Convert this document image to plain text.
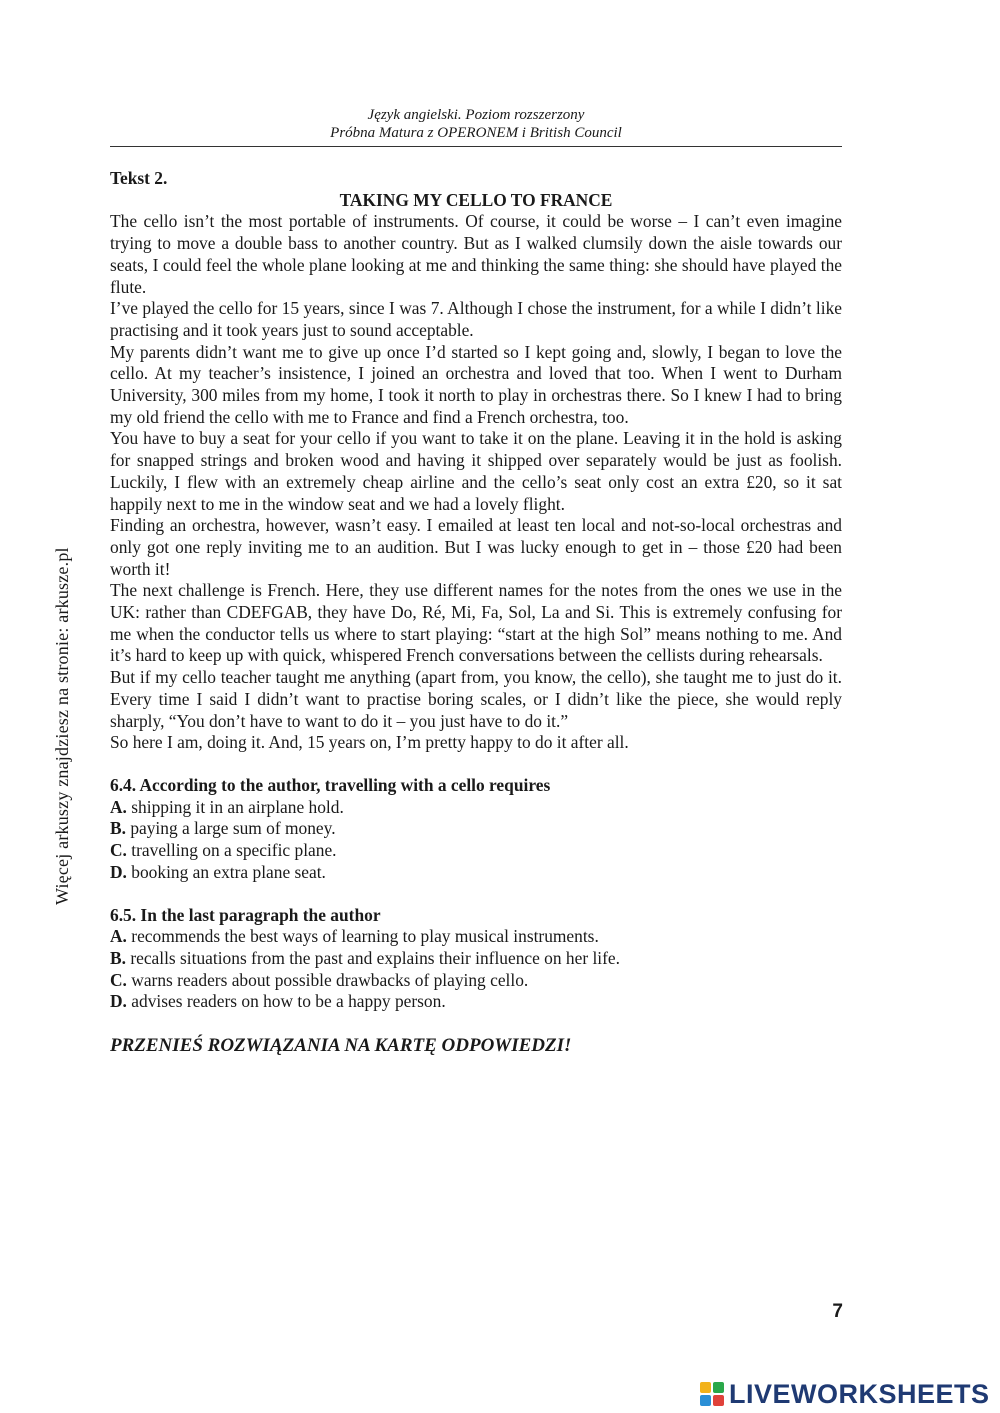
Język angielski. Poziom rozszerzony
Próbna Matura z OPERONEM i British Council
Więcej arkuszy znajdziesz na stronie: arkusze.pl

Tekst 2.

TAKING MY CELLO TO FRANCE

The cello isn’t the most portable of instruments. Of course, it could be worse – I can’t even imagine trying to move a double bass to another country. But as I walked clumsily down the aisle towards our seats, I could feel the whole plane looking at me and thinking the same thing: she should have played the flute.

I’ve played the cello for 15 years, since I was 7. Although I chose the instrument, for a while I didn’t like practising and it took years just to sound acceptable.

My parents didn’t want me to give up once I’d started so I kept going and, slowly, I began to love the cello. At my teacher’s insistence, I joined an orchestra and loved that too. When I went to Durham University, 300 miles from my home, I took it north to play in orchestras there. So I knew I had to bring my old friend the cello with me to France and find a French orchestra, too.

You have to buy a seat for your cello if you want to take it on the plane. Leaving it in the hold is asking for snapped strings and broken wood and having it shipped over separately would be just as foolish. Luckily, I flew with an extremely cheap airline and the cello’s seat only cost an extra £20, so it sat happily next to me in the window seat and we had a lovely flight.

Finding an orchestra, however, wasn’t easy. I emailed at least ten local and not-so-local orchestras and only got one reply inviting me to an audition. But I was lucky enough to get in – those £20 had been worth it!

The next challenge is French. Here, they use different names for the notes from the ones we use in the UK: rather than CDEFGAB, they have Do, Ré, Mi, Fa, Sol, La and Si. This is extremely confusing for me when the conductor tells us where to start playing: “start at the high Sol” means nothing to me. And it’s hard to keep up with quick, whispered French conversations between the cellists during rehearsals.

But if my cello teacher taught me anything (apart from, you know, the cello), she taught me to just do it. Every time I said I didn’t want to practise boring scales, or I didn’t like the piece, she would reply sharply, “You don’t have to want to do it – you just have to do it.”

So here I am, doing it. And, 15 years on, I’m pretty happy to do it after all.

6.4. According to the author, travelling with a cello requires

A. shipping it in an airplane hold.

B. paying a large sum of money.

C. travelling on a specific plane.

D. booking an extra plane seat.

6.5. In the last paragraph the author

A. recommends the best ways of learning to play musical instruments.

B. recalls situations from the past and explains their influence on her life.

C. warns readers about possible drawbacks of playing cello.

D. advises readers on how to be a happy person.

PRZENIEŚ ROZWIĄZANIA NA KARTĘ ODPOWIEDZI!

7
LIVEWORKSHEETS
